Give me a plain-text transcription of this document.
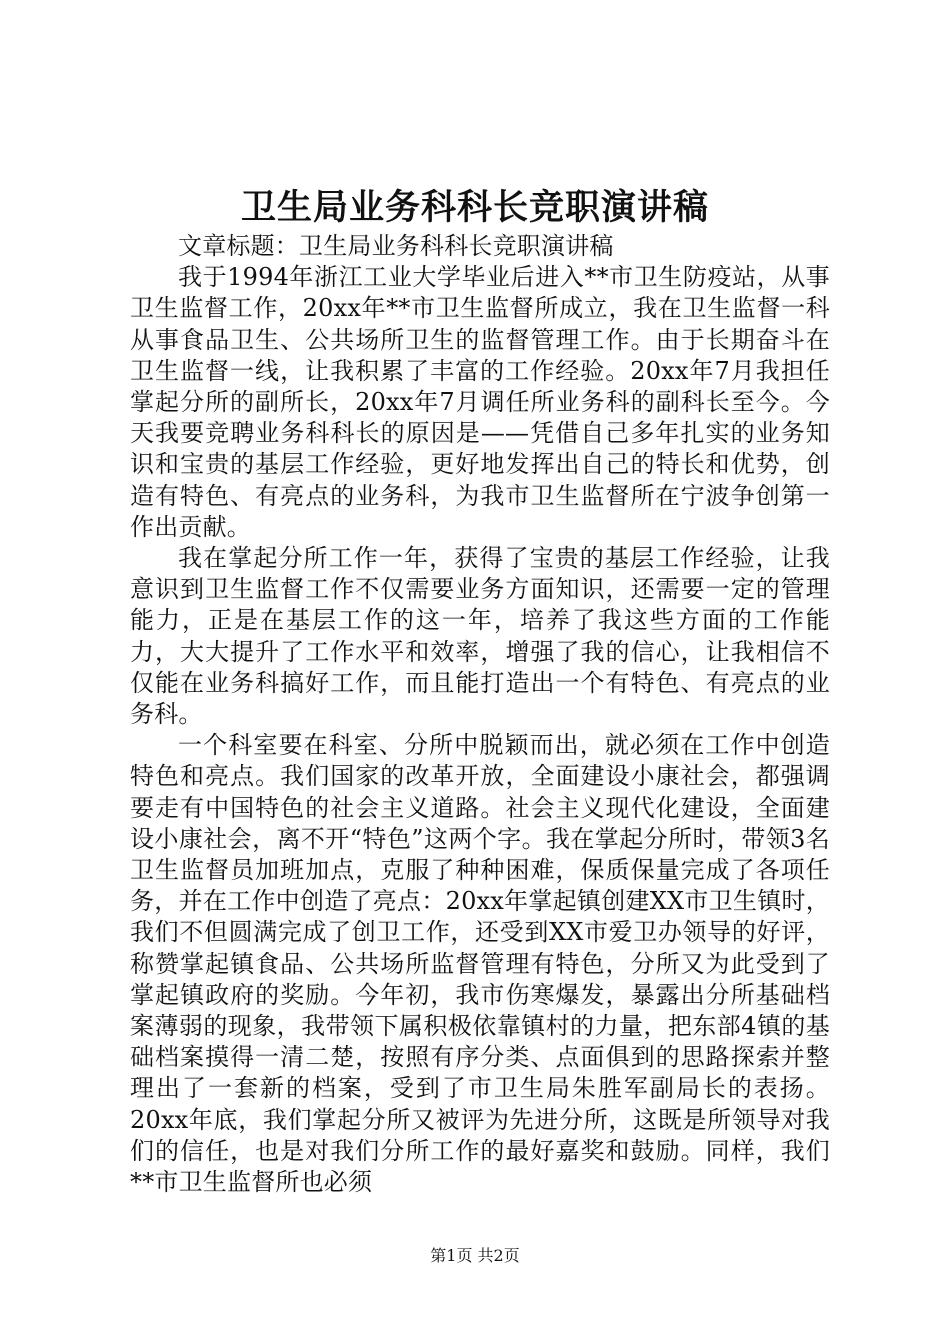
卫生局业务科科长竞职演讲稿

文章标题：卫生局业务科科长竞职演讲稿

我于1994年浙江工业大学毕业后进入**市卫生防疫站，从事卫生监督工作，20xx年**市卫生监督所成立，我在卫生监督一科从事食品卫生、公共场所卫生的监督管理工作。由于长期奋斗在卫生监督一线，让我积累了丰富的工作经验。20xx年7月我担任掌起分所的副所长，20xx年7月调任所业务科的副科长至今。今天我要竞聘业务科科长的原因是——凭借自己多年扎实的业务知识和宝贵的基层工作经验，更好地发挥出自己的特长和优势，创造有特色、有亮点的业务科，为我市卫生监督所在宁波争创第一作出贡献。

我在掌起分所工作一年，获得了宝贵的基层工作经验，让我意识到卫生监督工作不仅需要业务方面知识，还需要一定的管理能力，正是在基层工作的这一年，培养了我这些方面的工作能力，大大提升了工作水平和效率，增强了我的信心，让我相信不仅能在业务科搞好工作，而且能打造出一个有特色、有亮点的业务科。

一个科室要在科室、分所中脱颖而出，就必须在工作中创造特色和亮点。我们国家的改革开放，全面建设小康社会，都强调要走有中国特色的社会主义道路。社会主义现代化建设，全面建设小康社会，离不开“特色”这两个字。我在掌起分所时，带领3名卫生监督员加班加点，克服了种种困难，保质保量完成了各项任务，并在工作中创造了亮点：20xx年掌起镇创建XX市卫生镇时，我们不但圆满完成了创卫工作，还受到XX市爱卫办领导的好评，称赞掌起镇食品、公共场所监督管理有特色，分所又为此受到了掌起镇政府的奖励。今年初，我市伤寒爆发，暴露出分所基础档案薄弱的现象，我带领下属积极依靠镇村的力量，把东部4镇的基础档案摸得一清二楚，按照有序分类、点面俱到的思路探索并整理出了一套新的档案，受到了市卫生局朱胜军副局长的表扬。20xx年底，我们掌起分所又被评为先进分所，这既是所领导对我们的信任，也是对我们分所工作的最好嘉奖和鼓励。同样，我们**市卫生监督所也必须

第1页 共2页
